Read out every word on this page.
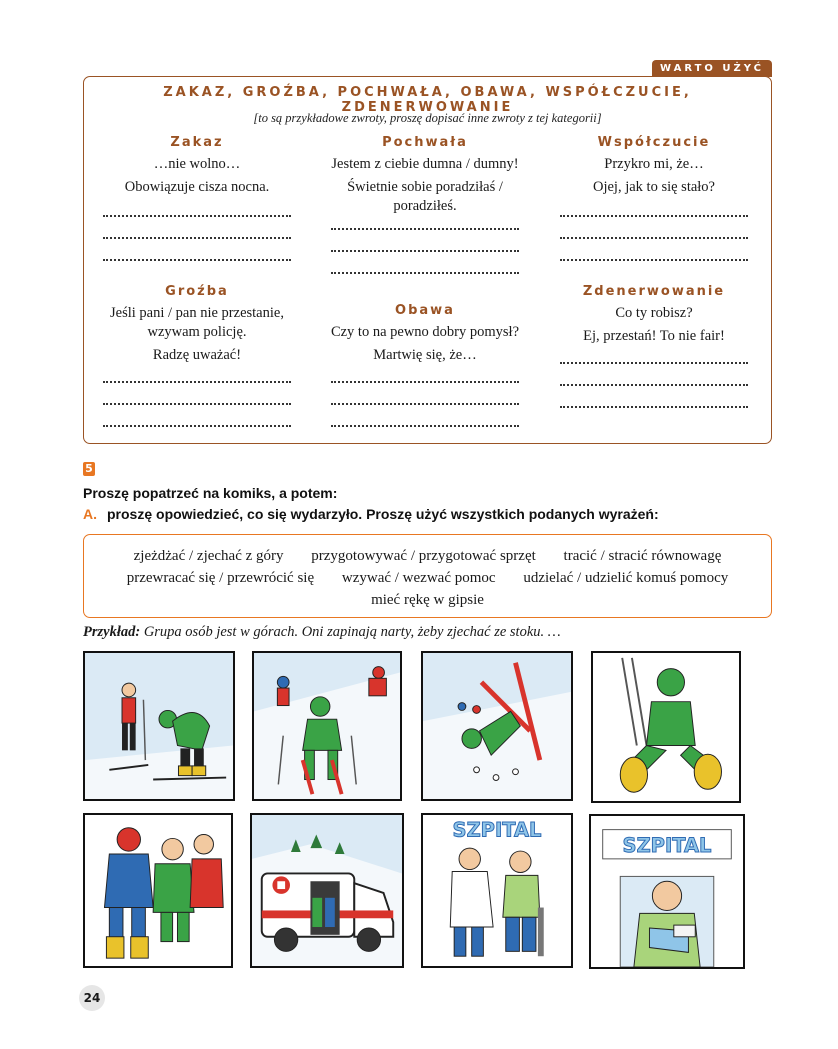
WARTO UŻYĆ
ZAKAZ, GROŹBA, POCHWAŁA, OBAWA, WSPÓŁCZUCIE, ZDENERWOWANIE
[to są przykładowe zwroty, proszę dopisać inne zwroty z tej kategorii]
Zakaz

…nie wolno…

Obowiązuje cisza nocna.

Pochwała

Jestem z ciebie dumna / dumny!

Świetnie sobie poradziłaś / poradziłeś.

Współczucie

Przykro mi, że…

Ojej, jak to się stało?

Groźba

Jeśli pani / pan nie przestanie, wzywam policję.

Radzę uważać!

Obawa

Czy to na pewno dobry pomysł?

Martwię się, że…

Zdenerwowanie

Co ty robisz?

Ej, przestań! To nie fair!

5
Proszę popatrzeć na komiks, a potem:
A. proszę opowiedzieć, co się wydarzyło. Proszę użyć wszystkich podanych wyrażeń:
zjeżdżać / zjechać z góry przygotowywać / przygotować sprzęt tracić / stracić równowagę
przewracać się / przewrócić się wzywać / wezwać pomoc udzielać / udzielić komuś pomocy
mieć rękę w gipsie
Przykład: Grupa osób jest w górach. Oni zapinają narty, żeby zjechać ze stoku. …
SZPITAL
SZPITAL
24
